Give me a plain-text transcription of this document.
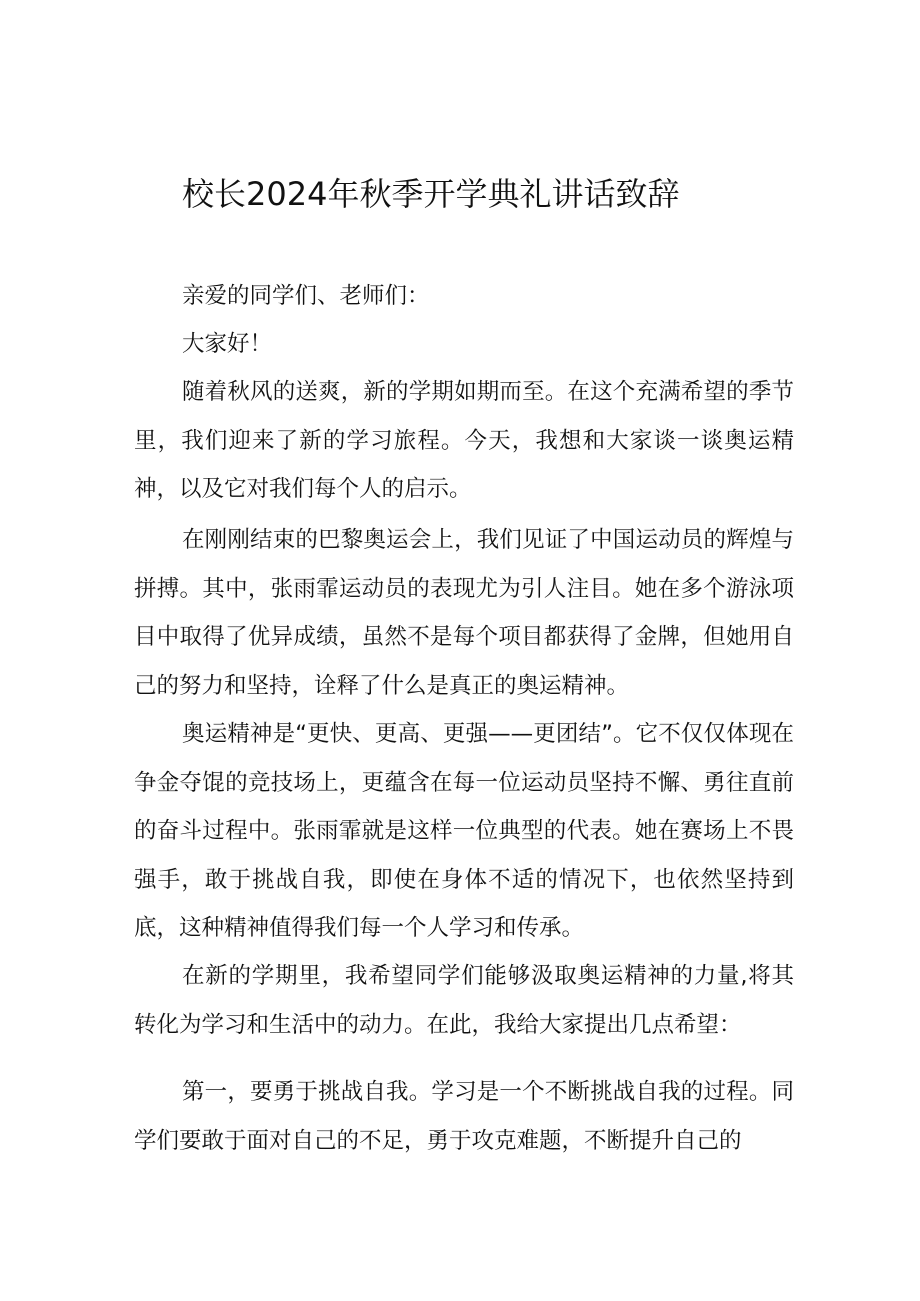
校长2024年秋季开学典礼讲话致辞

亲爱的同学们、老师们：

大家好！

随着秋风的送爽，新的学期如期而至。在这个充满希望的季节里，我们迎来了新的学习旅程。今天，我想和大家谈一谈奥运精神，以及它对我们每个人的启示。

在刚刚结束的巴黎奥运会上，我们见证了中国运动员的辉煌与拼搏。其中，张雨霏运动员的表现尤为引人注目。她在多个游泳项目中取得了优异成绩，虽然不是每个项目都获得了金牌，但她用自己的努力和坚持，诠释了什么是真正的奥运精神。

奥运精神是“更快、更高、更强——更团结”。它不仅仅体现在争金夺馄的竞技场上，更蕴含在每一位运动员坚持不懈、勇往直前的奋斗过程中。张雨霏就是这样一位典型的代表。她在赛场上不畏强手，敢于挑战自我，即使在身体不适的情况下，也依然坚持到底，这种精神值得我们每一个人学习和传承。

在新的学期里，我希望同学们能够汲取奥运精神的力量,将其转化为学习和生活中的动力。在此，我给大家提出几点希望：

第一，要勇于挑战自我。学习是一个不断挑战自我的过程。同学们要敢于面对自己的不足，勇于攻克难题，不断提升自己的
